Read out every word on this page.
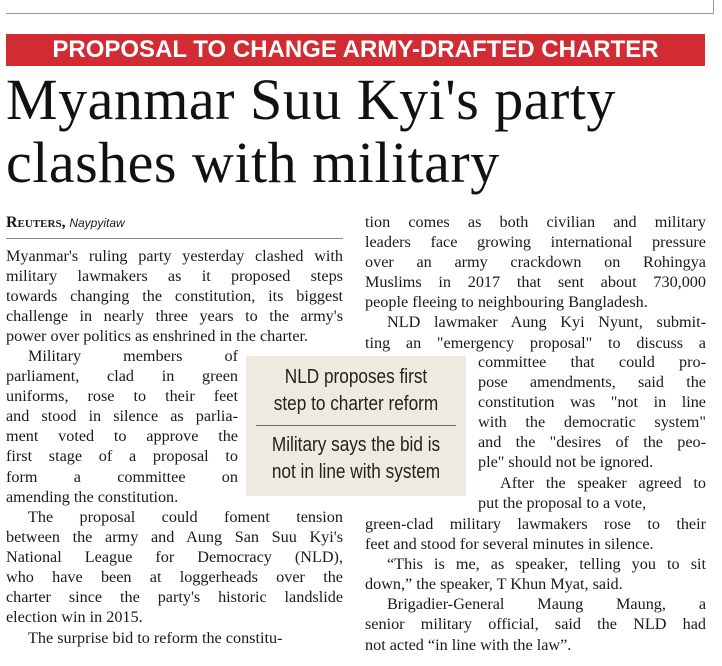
PROPOSAL TO CHANGE ARMY-DRAFTED CHARTER
Myanmar Suu Kyi's party
clashes with military
Reuters, Naypyitaw
Myanmar's ruling party yesterday clashed with
military lawmakers as it proposed steps
towards changing the constitution, its biggest
challenge in nearly three years to the army's
power over politics as enshrined in the charter.
Military members of
parliament, clad in green
uniforms, rose to their feet
and stood in silence as parlia-
ment voted to approve the
first stage of a proposal to
form a committee on
amending the constitution.
The proposal could foment tension
between the army and Aung San Suu Kyi's
National League for Democracy (NLD),
who have been at loggerheads over the
charter since the party's historic landslide
election win in 2015.
The surprise bid to reform the constitu-
NLD proposes first
step to charter reform
Military says the bid is
not in line with system
tion comes as both civilian and military
leaders face growing international pressure
over an army crackdown on Rohingya
Muslims in 2017 that sent about 730,000
people fleeing to neighbouring Bangladesh.
NLD lawmaker Aung Kyi Nyunt, submit-
ting an "emergency proposal" to discuss a
committee that could pro-
pose amendments, said the
constitution was "not in line
with the democratic system"
and the "desires of the peo-
ple" should not be ignored.
After the speaker agreed to
put the proposal to a vote,
green-clad military lawmakers rose to their
feet and stood for several minutes in silence.
“This is me, as speaker, telling you to sit
down,” the speaker, T Khun Myat, said.
Brigadier-General Maung Maung, a
senior military official, said the NLD had
not acted “in line with the law”.
